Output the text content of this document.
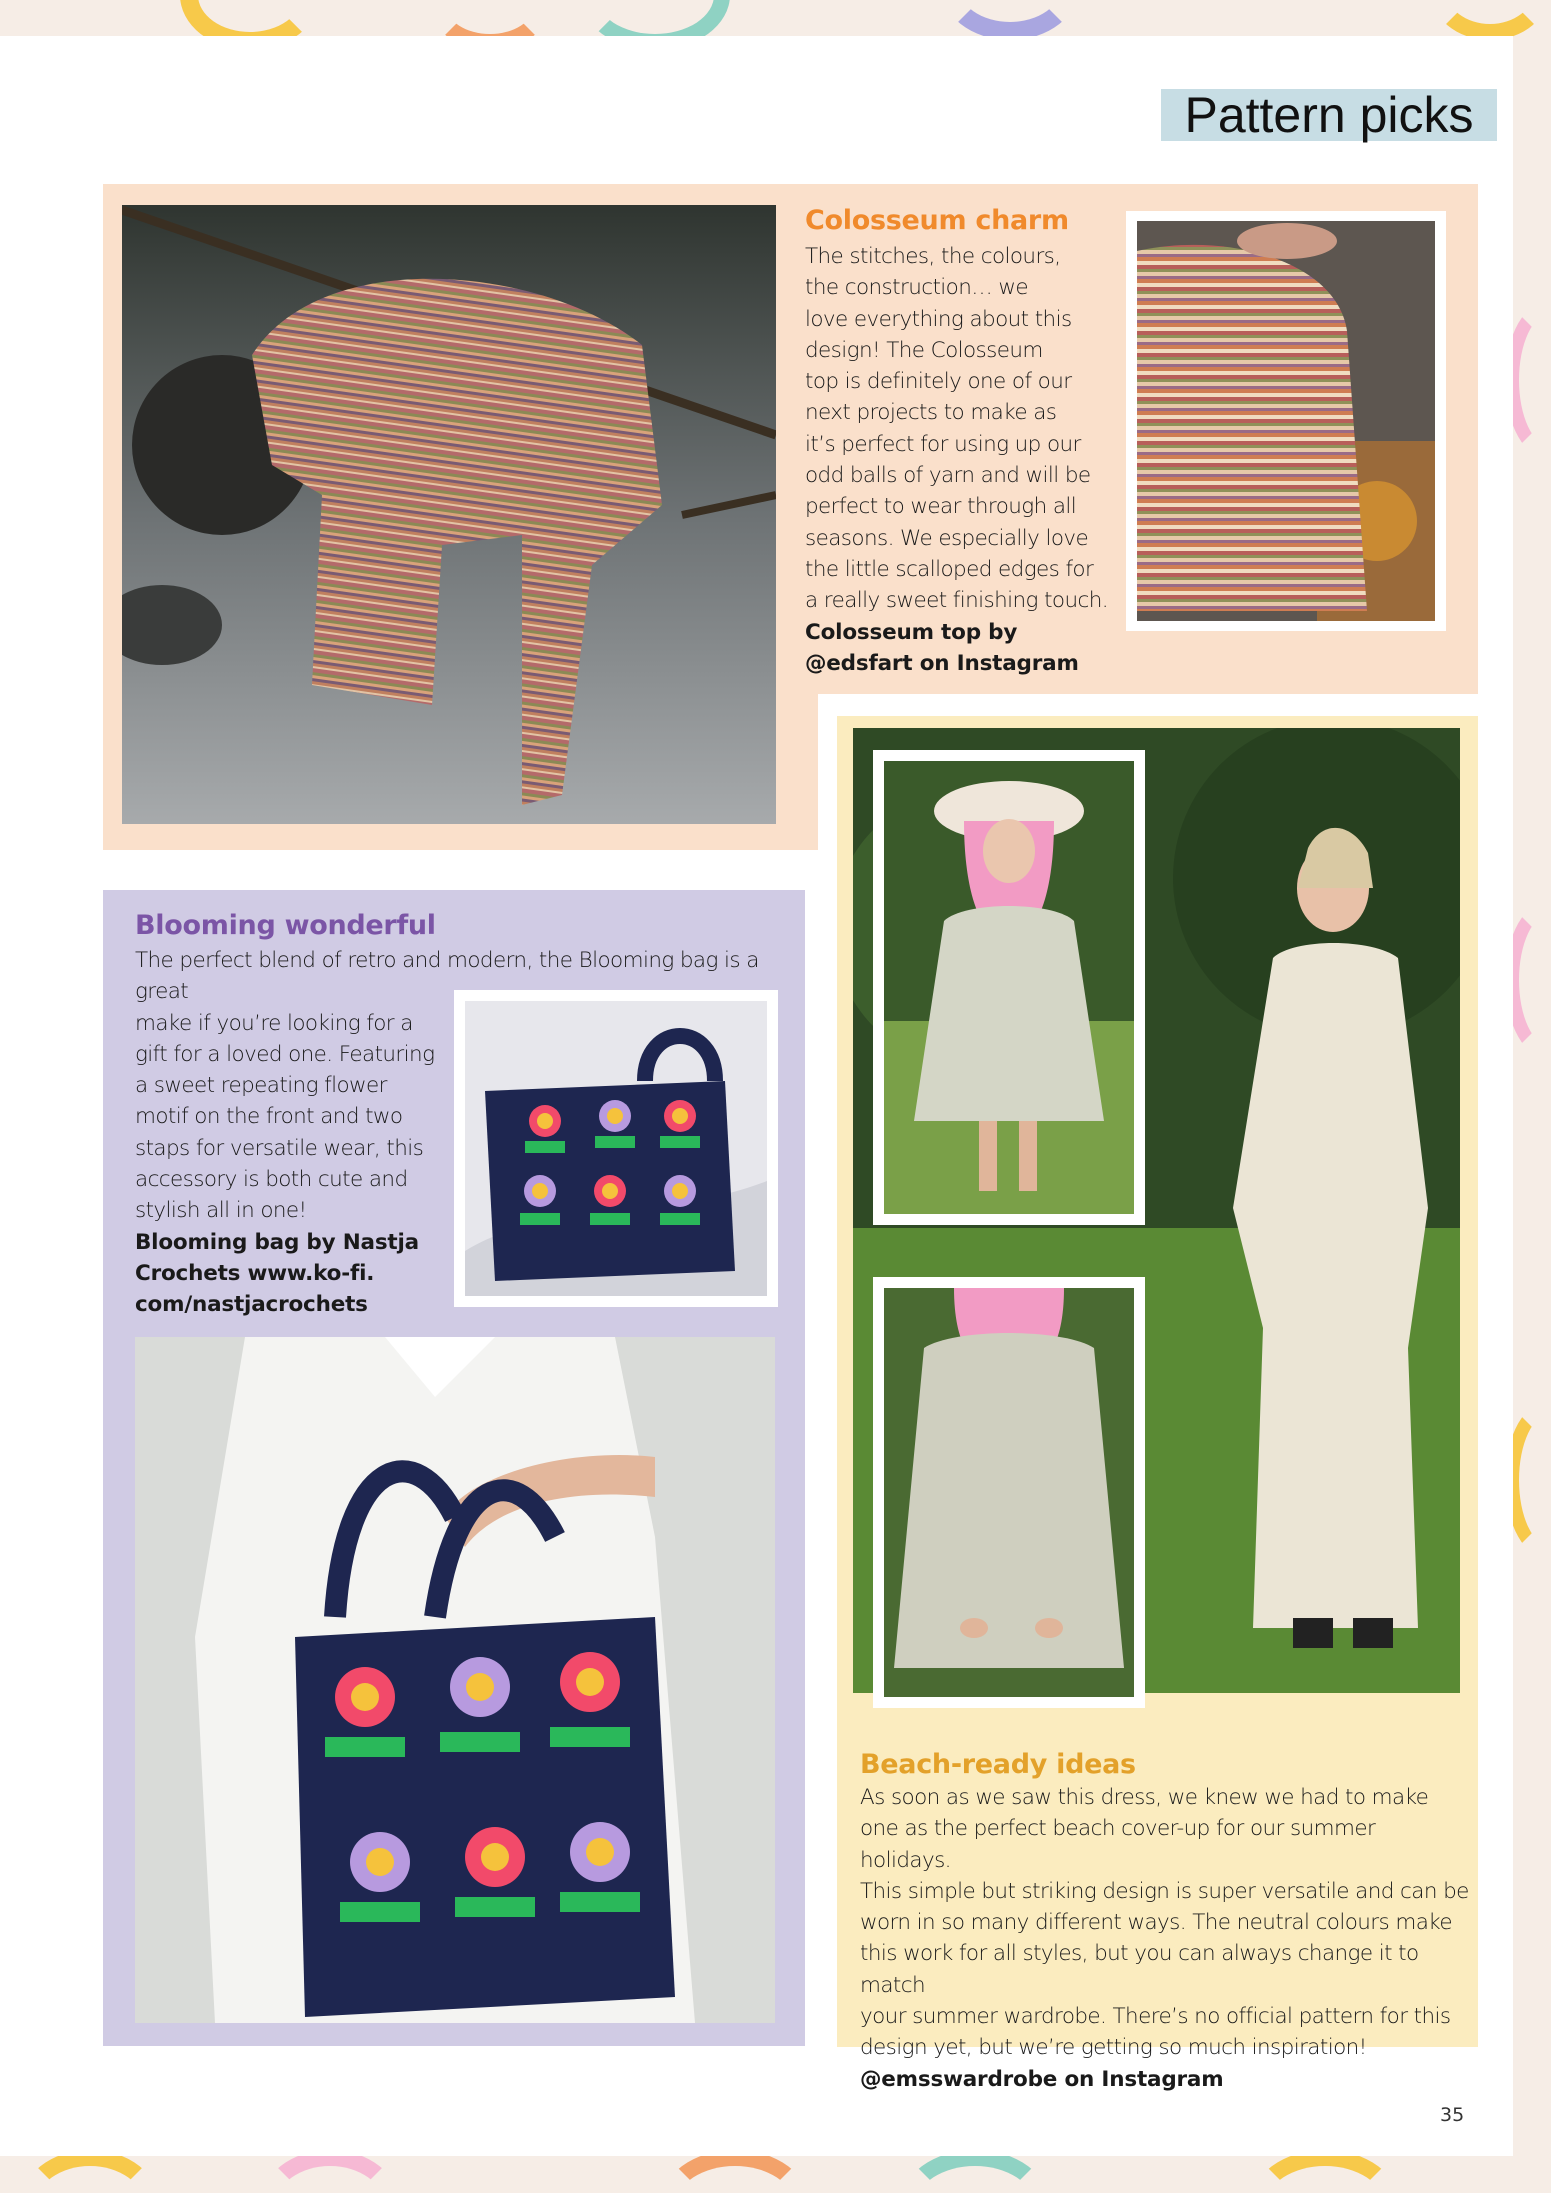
Pattern picks
Colosseum charm
The stitches, the colours,
the construction… we
love everything about this
design! The Colosseum
top is definitely one of our
next projects to make as
it’s perfect for using up our
odd balls of yarn and will be
perfect to wear through all
seasons. We especially love
the little scalloped edges for
a really sweet finishing touch.
Colosseum top by
@edsfart on Instagram
Blooming wonderful
The perfect blend of retro and modern, the Blooming bag is a great
make if you’re looking for a
gift for a loved one. Featuring
a sweet repeating flower
motif on the front and two
staps for versatile wear, this
accessory is both cute and
stylish all in one!
Blooming bag by Nastja
Crochets www.ko-fi.
com/nastjacrochets
Beach-ready ideas
As soon as we saw this dress, we knew we had to make
one as the perfect beach cover-up for our summer holidays.
This simple but striking design is super versatile and can be
worn in so many different ways. The neutral colours make
this work for all styles, but you can always change it to match
your summer wardrobe. There’s no official pattern for this
design yet, but we’re getting so much inspiration!
@emsswardrobe on Instagram
35
